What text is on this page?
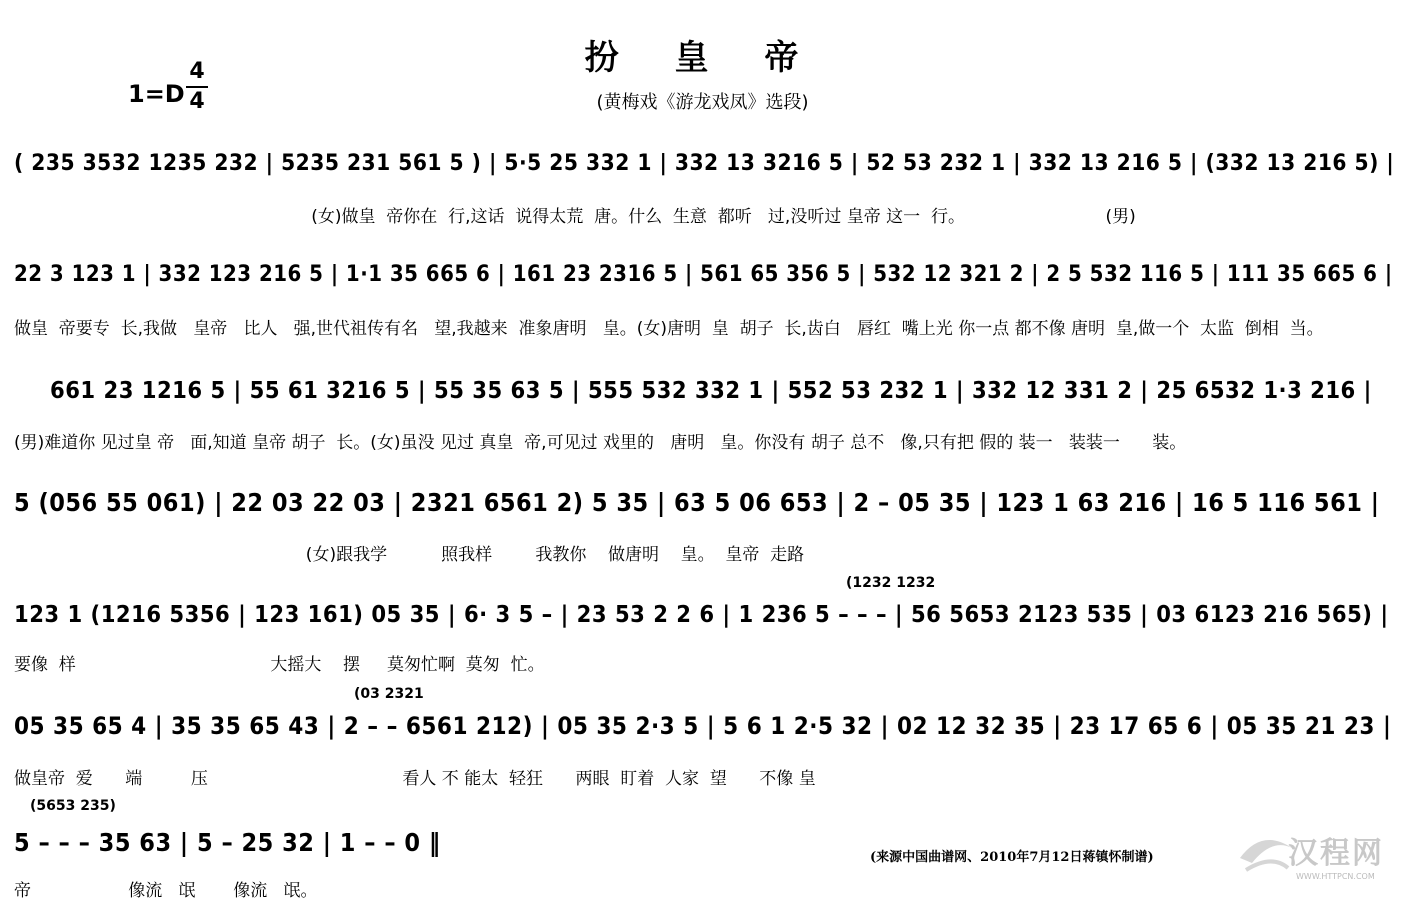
扮 皇 帝
(黄梅戏《游龙戏凤》选段)
1=D
4
4
( 235 3532 1235 232 | 5235 231 561 5 ) | 5·5 25 332 1 | 332 13 3216 5 | 52 53 232 1 | 332 13 216 5 | (332 13 216 5) |
(女)做皇  帝你在  行,这话  说得太荒  唐。什么  生意  都听   过,没听过 皇帝 这一  行。                          (男)
22 3 123 1 | 332 123 216 5 | 1·1 35 665 6 | 161 23 2316 5 | 561 65 356 5 | 532 12 321 2 | 2 5 532 116 5 | 111 35 665 6 |
做皇  帝要专  长,我做   皇帝   比人   强,世代祖传有名   望,我越来  准象唐明   皇。(女)唐明  皇  胡子  长,齿白   唇红  嘴上光 你一点 都不像 唐明  皇,做一个  太监  倒相  当。
661 23 1216 5 | 55 61 3216 5 | 55 35 63 5 | 555 532 332 1 | 552 53 232 1 | 332 12 331 2 | 25 6532 1·3 216 |
(男)难道你 见过皇 帝   面,知道 皇帝 胡子  长。(女)虽没 见过 真皇  帝,可见过 戏里的   唐明   皇。你没有 胡子 总不   像,只有把 假的 装一   装装一      装。
5 (056 55 061) | 22 03 22 03 | 2321 6561 2) 5 35 | 63 5 06 653 | 2 – 05 35 | 123 1 63 216 | 16 5 116 561 |
(女)跟我学          照我样        我教你    做唐明    皇。  皇帝  走路
123 1 (1216 5356 | 123 161) 05 35 | 6· 3 5 – | 23 53 2 2 6 | 1 236 5 – – – | 56 5653 2123 535 | 03 6123 216 565) |
要像  样                                    大摇大    摆     莫匆忙啊  莫匆  忙。
(1232 1232
05 35 65 4 | 35 35 65 43 | 2 – – 6561 212) | 05 35 2·3 5 | 5 6 1 2·5 32 | 02 12 32 35 | 23 17 65 6 | 05 35 21 23 |
做皇帝  爱      端         压                                    看人 不 能太  轻狂      两眼  盯着  人家  望      不像 皇
(03 2321
5 – – – 35 63 | 5 – 25 32 | 1 – – 0 ‖
帝                  像流   氓       像流   氓。
(5653 235)
(来源中国曲谱网、2010年7月12日蒋镇怀制谱)	汉程网
WWW.HTTPCN.COM
